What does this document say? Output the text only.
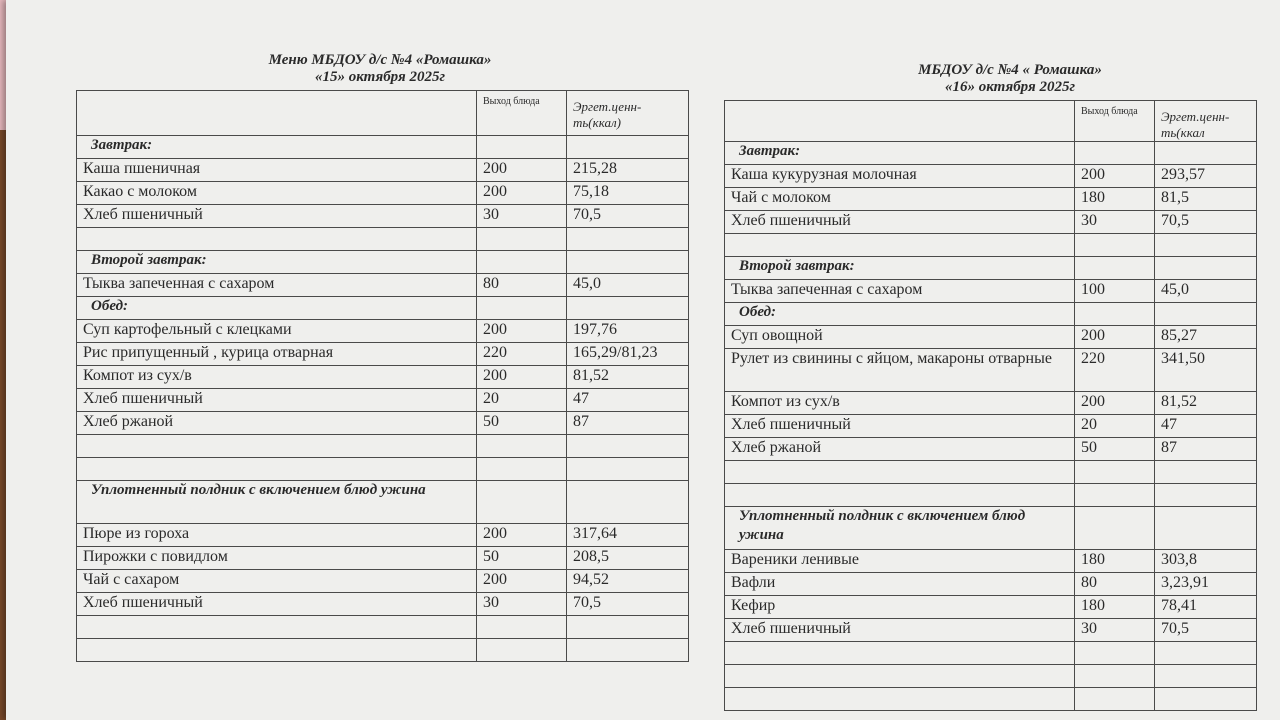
Меню МБДОУ д/с №4 «Ромашка»
«15» октября 2025г
	Выход блюда	Эргет.ценн-ть(ккал)
Завтрак:		
Каша пшеничная	200	215,28
Какао с молоком	200	75,18
Хлеб пшеничный	30	70,5

Второй завтрак:		
Тыква запеченная с сахаром	80	45,0
Обед:		
Суп картофельный с клецками	200	197,76
Рис припущенный , курица отварная	220	165,29/81,23
Компот из сух/в	200	81,52
Хлеб пшеничный	20	47
Хлеб ржаной	50	87

Уплотненный полдник с включением блюд ужина		
Пюре из гороха	200	317,64
Пирожки с повидлом	50	208,5
Чай с сахаром	200	94,52
Хлеб пшеничный	30	70,5

МБДОУ д/с №4 « Ромашка»
«16» октября 2025г
	Выход блюда	Эргет.ценн-ть(ккал
Завтрак:		
Каша кукурузная молочная	200	293,57
Чай с молоком	180	81,5
Хлеб пшеничный	30	70,5

Второй завтрак:		
Тыква запеченная с сахаром	100	45,0
Обед:		
Суп овощной	200	85,27
Рулет из свинины с яйцом, макароны отварные	220	341,50
Компот из сух/в	200	81,52
Хлеб пшеничный	20	47
Хлеб ржаной	50	87

Уплотненный полдник с включением блюд ужина		
Вареники ленивые	180	303,8
Вафли	80	3,23,91
Кефир	180	78,41
Хлеб пшеничный	30	70,5
